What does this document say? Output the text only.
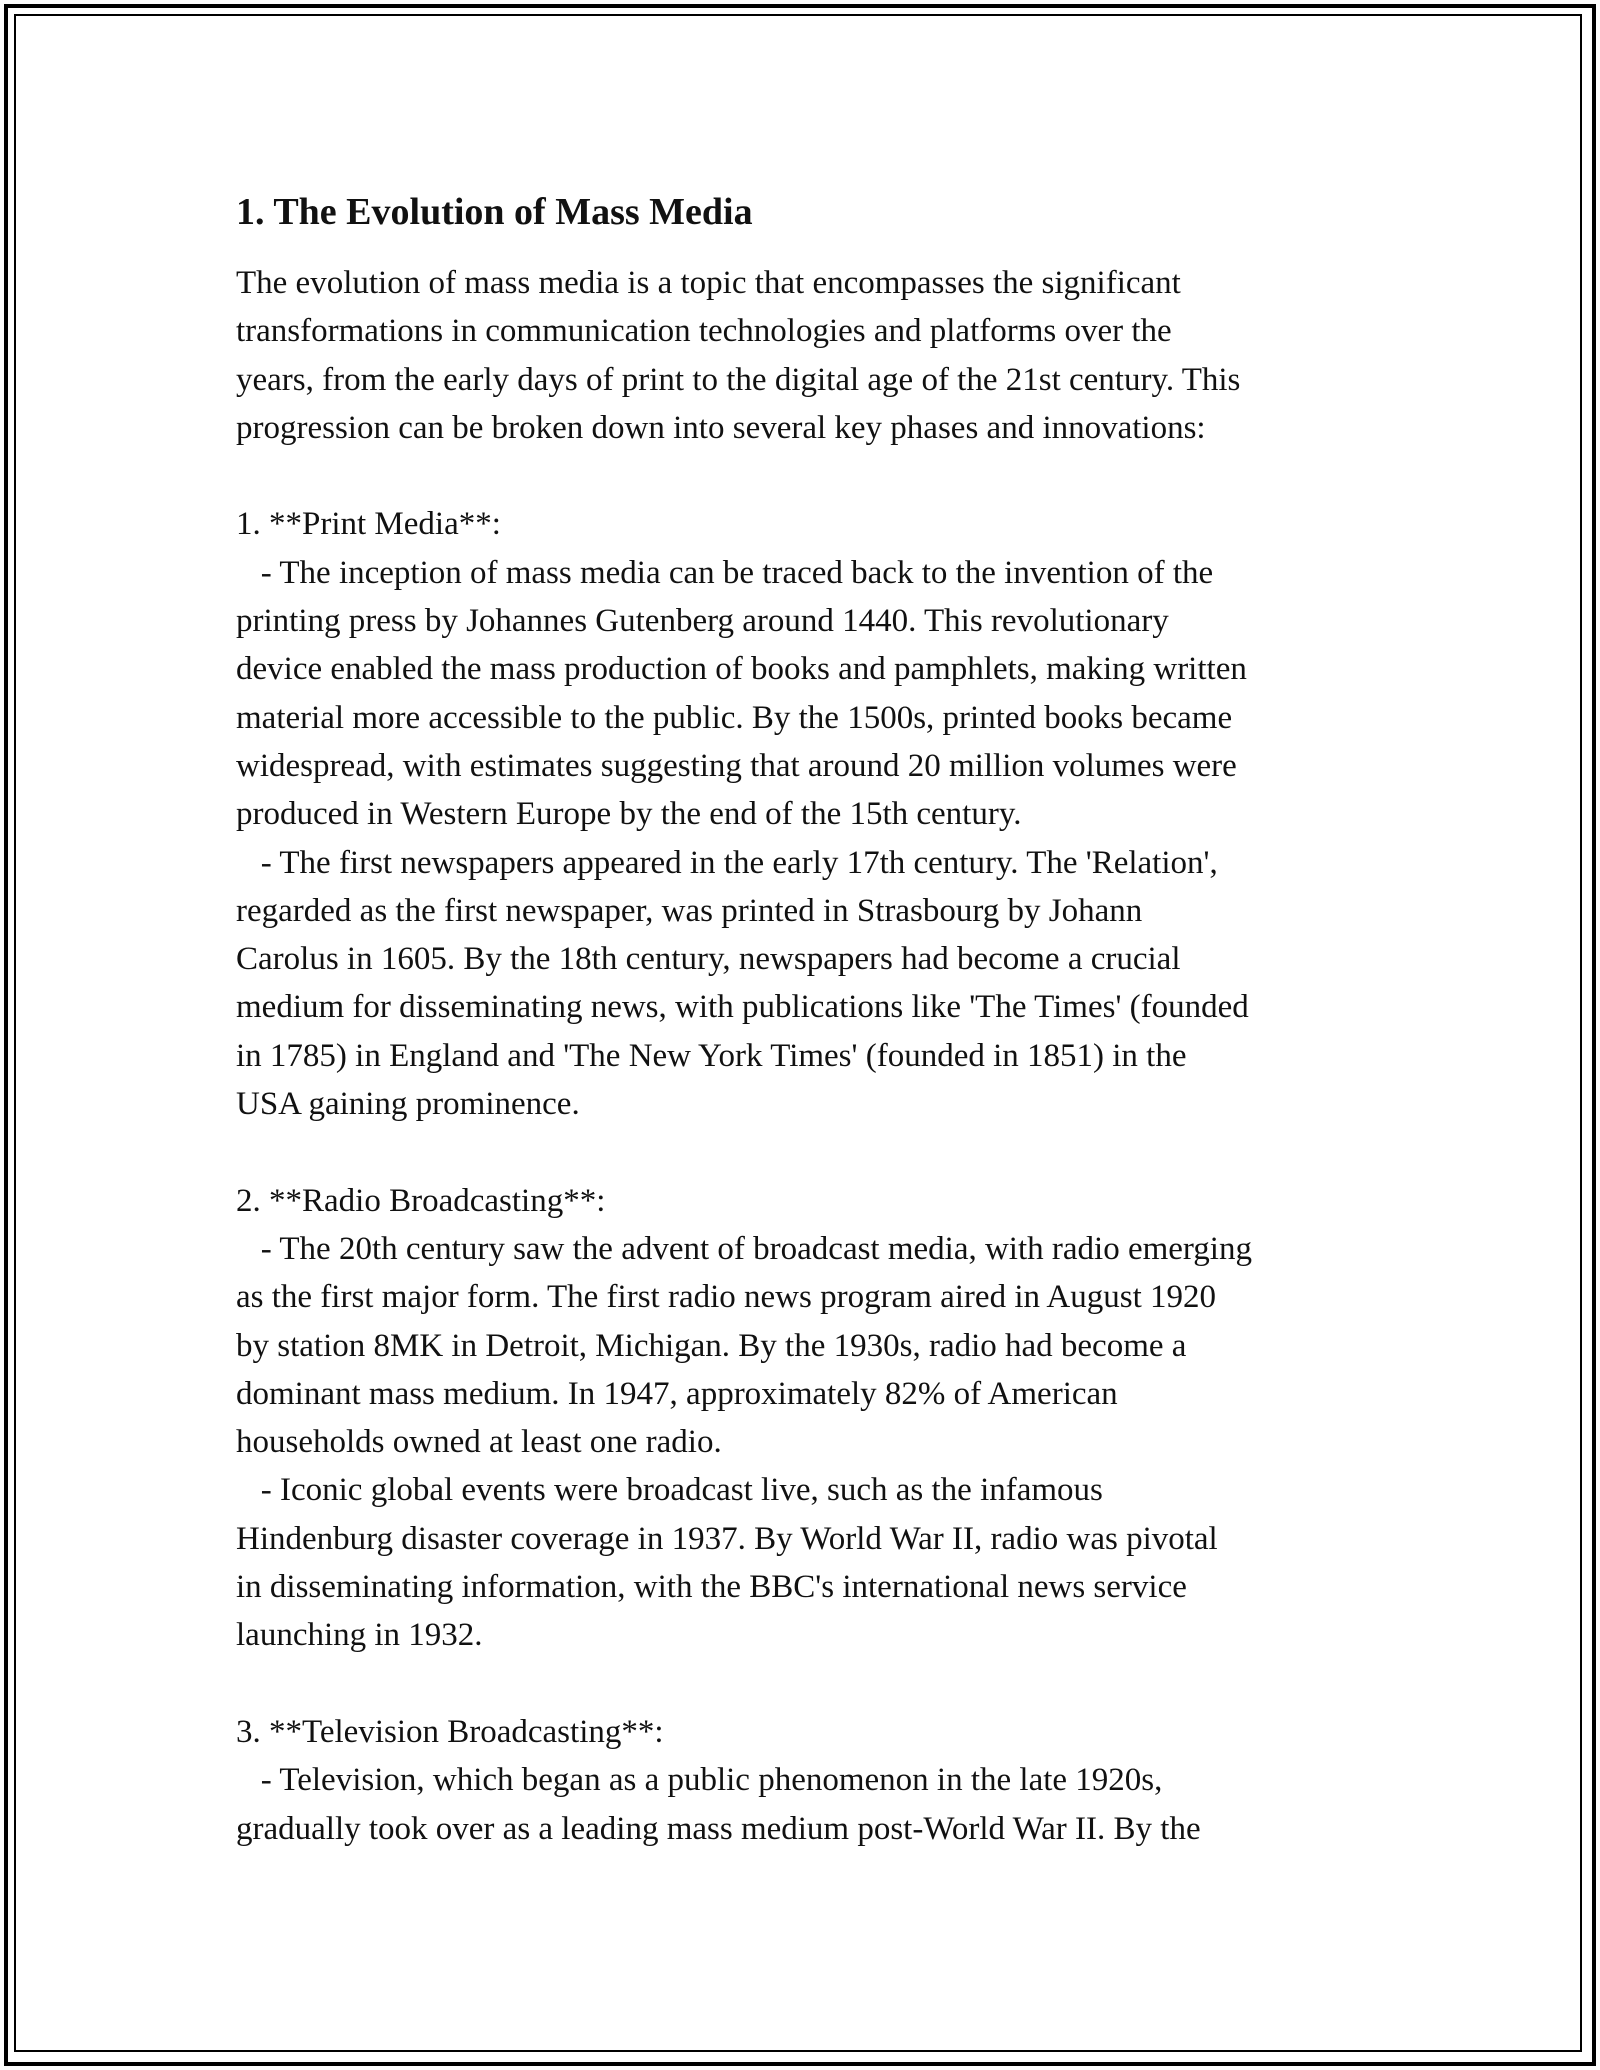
1. The Evolution of Mass Media

The evolution of mass media is a topic that encompasses the significant
transformations in communication technologies and platforms over the
years, from the early days of print to the digital age of the 21st century. This
progression can be broken down into several key phases and innovations:

1. **Print Media**:
- The inception of mass media can be traced back to the invention of the
printing press by Johannes Gutenberg around 1440. This revolutionary
device enabled the mass production of books and pamphlets, making written
material more accessible to the public. By the 1500s, printed books became
widespread, with estimates suggesting that around 20 million volumes were
produced in Western Europe by the end of the 15th century.
- The first newspapers appeared in the early 17th century. The 'Relation',
regarded as the first newspaper, was printed in Strasbourg by Johann
Carolus in 1605. By the 18th century, newspapers had become a crucial
medium for disseminating news, with publications like 'The Times' (founded
in 1785) in England and 'The New York Times' (founded in 1851) in the
USA gaining prominence.

2. **Radio Broadcasting**:
- The 20th century saw the advent of broadcast media, with radio emerging
as the first major form. The first radio news program aired in August 1920
by station 8MK in Detroit, Michigan. By the 1930s, radio had become a
dominant mass medium. In 1947, approximately 82% of American
households owned at least one radio.
- Iconic global events were broadcast live, such as the infamous
Hindenburg disaster coverage in 1937. By World War II, radio was pivotal
in disseminating information, with the BBC's international news service
launching in 1932.

3. **Television Broadcasting**:
- Television, which began as a public phenomenon in the late 1920s,
gradually took over as a leading mass medium post-World War II. By the
